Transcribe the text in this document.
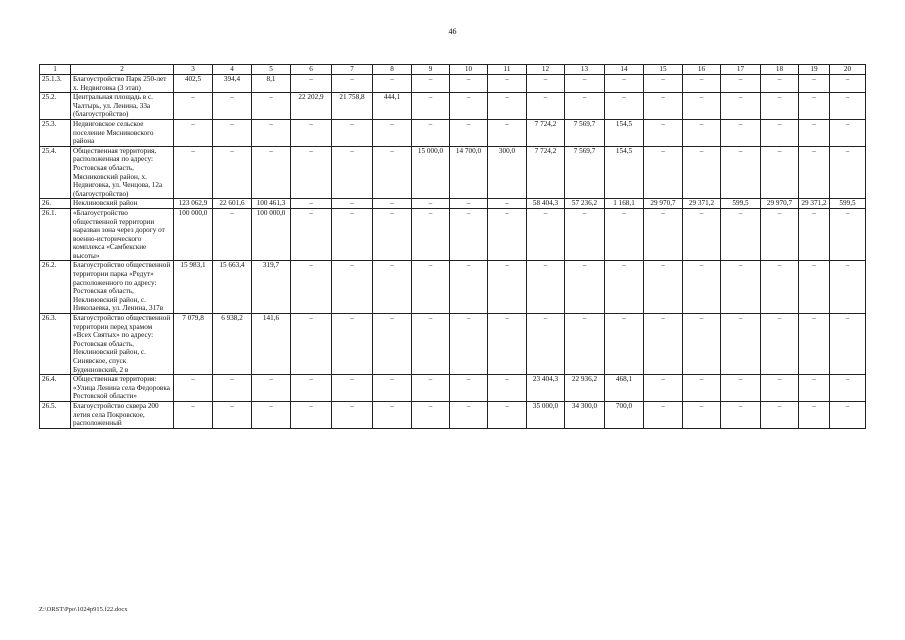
46
1	2	3	4	5	6	7	8	9	10	11	12	13	14	15	16	17	18	19	20
25.1.3.	Благоустройство Парк 250-лет х. Недвиговка (3 этап)	402,5	394,4	8,1	–	–	–	–	–	–	–	–	–	–	–	–	–	–	–
25.2.	Центральная площадь в с. Чалтырь, ул. Ленина, 33а (благоустройство)	–	–	–	22 202,9	21 758,8	444,1	–	–	–	–	–	–	–	–	–	–	–	–
25.3.	Недвиговское сельское поселение Мясниковского района	–	–	–	–	–	–	–	–	–	7 724,2	7 569,7	154,5	–	–	–	–	–	–
25.4.	Общественная территория, расположенная по адресу: Ростовская область, Мясниковский район, х. Недвиговка, ул. Ченцова, 12а (благоустройство)	–	–	–	–	–	–	15 000,0	14 700,0	300,0	7 724,2	7 569,7	154,5	–	–	–	–	–	–
26.	Неклиновский район	123 062,9	22 601,6	100 461,3	–	–	–	–	–	–	58 404,3	57 236,2	1 168,1	29 970,7	29 371,2	599,5	29 970,7	29 371,2	599,5
26.1.	«Благоустройство общественной территории наразван зона через дорогу от военно-исторического комплекса «Самбекские высоты»	100 000,0	–	100 000,0	–	–	–	–	–	–	–	–	–	–	–	–	–	–	–
26.2.	Благоустройство общественной территории парка «Редут» расположенного по адресу: Ростовская область, Неклиновский район, с. Николаевка, ул. Ленина, 317в	15 983,1	15 663,4	319,7	–	–	–	–	–	–	–	–	–	–	–	–	–	–	–
26.3.	Благоустройство общественной территории перед храмом «Всех Святых» по адресу: Ростовская область, Неклиновский район, с. Синявское, спуск Буденновский, 2 в	7 079,8	6 938,2	141,6	–	–	–	–	–	–	–	–	–	–	–	–	–	–	–
26.4.	Общественная территория: «Улица Ленина села Федоровка Ростовской области»	–	–	–	–	–	–	–	–	–	23 404,3	22 936,2	468,1	–	–	–	–	–	–
26.5.	Благоустройство сквера 200 летия села Покровское, расположенный	–	–	–	–	–	–	–	–	–	35 000,0	34 300,0	700,0	–	–	–	–	–	–
Z:\ORST\Ppo\1024p915.f22.docx
